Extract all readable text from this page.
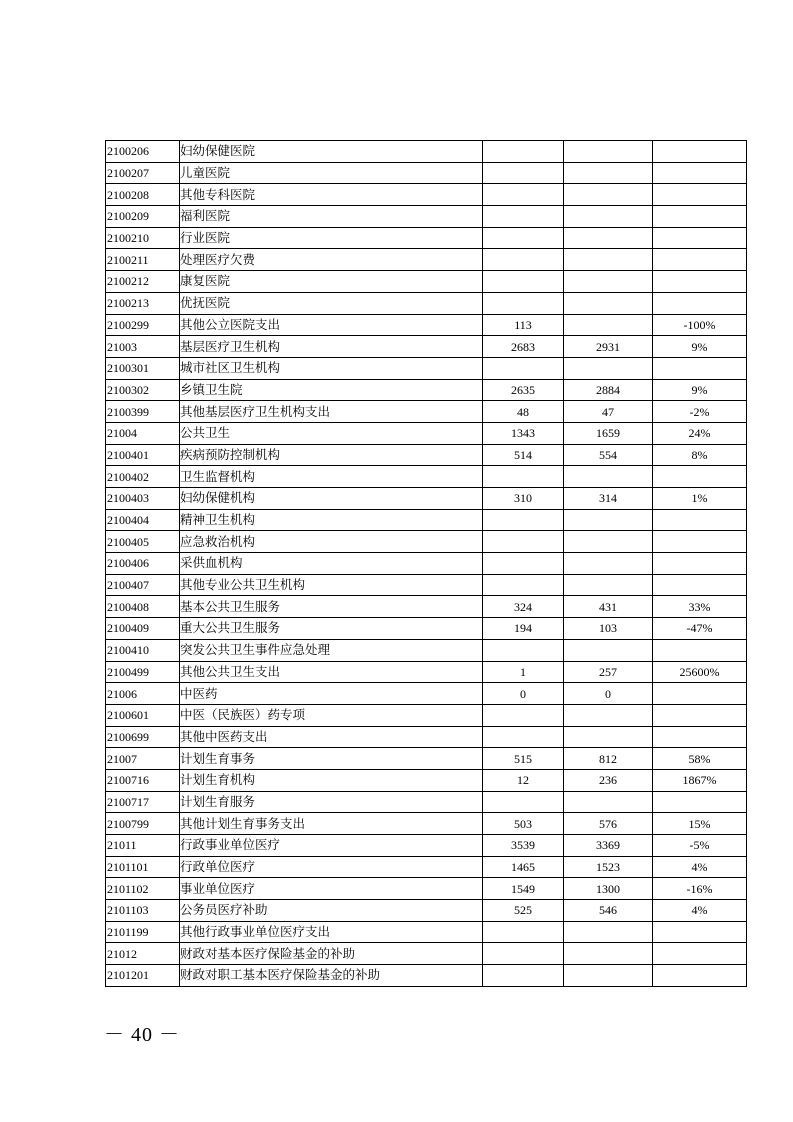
2100206	妇幼保健医院			
2100207	儿童医院			
2100208	其他专科医院			
2100209	福利医院			
2100210	行业医院			
2100211	处理医疗欠费			
2100212	康复医院			
2100213	优抚医院			
2100299	其他公立医院支出	113		-100%
21003	基层医疗卫生机构	2683	2931	9%
2100301	城市社区卫生机构			
2100302	乡镇卫生院	2635	2884	9%
2100399	其他基层医疗卫生机构支出	48	47	-2%
21004	公共卫生	1343	1659	24%
2100401	疾病预防控制机构	514	554	8%
2100402	卫生监督机构			
2100403	妇幼保健机构	310	314	1%
2100404	精神卫生机构			
2100405	应急救治机构			
2100406	采供血机构			
2100407	其他专业公共卫生机构			
2100408	基本公共卫生服务	324	431	33%
2100409	重大公共卫生服务	194	103	-47%
2100410	突发公共卫生事件应急处理			
2100499	其他公共卫生支出	1	257	25600%
21006	中医药	0	0	
2100601	中医（民族医）药专项			
2100699	其他中医药支出			
21007	计划生育事务	515	812	58%
2100716	计划生育机构	12	236	1867%
2100717	计划生育服务			
2100799	其他计划生育事务支出	503	576	15%
21011	行政事业单位医疗	3539	3369	-5%
2101101	行政单位医疗	1465	1523	4%
2101102	事业单位医疗	1549	1300	-16%
2101103	公务员医疗补助	525	546	4%
2101199	其他行政事业单位医疗支出			
21012	财政对基本医疗保险基金的补助			
2101201	财政对职工基本医疗保险基金的补助			
－ 40 －
